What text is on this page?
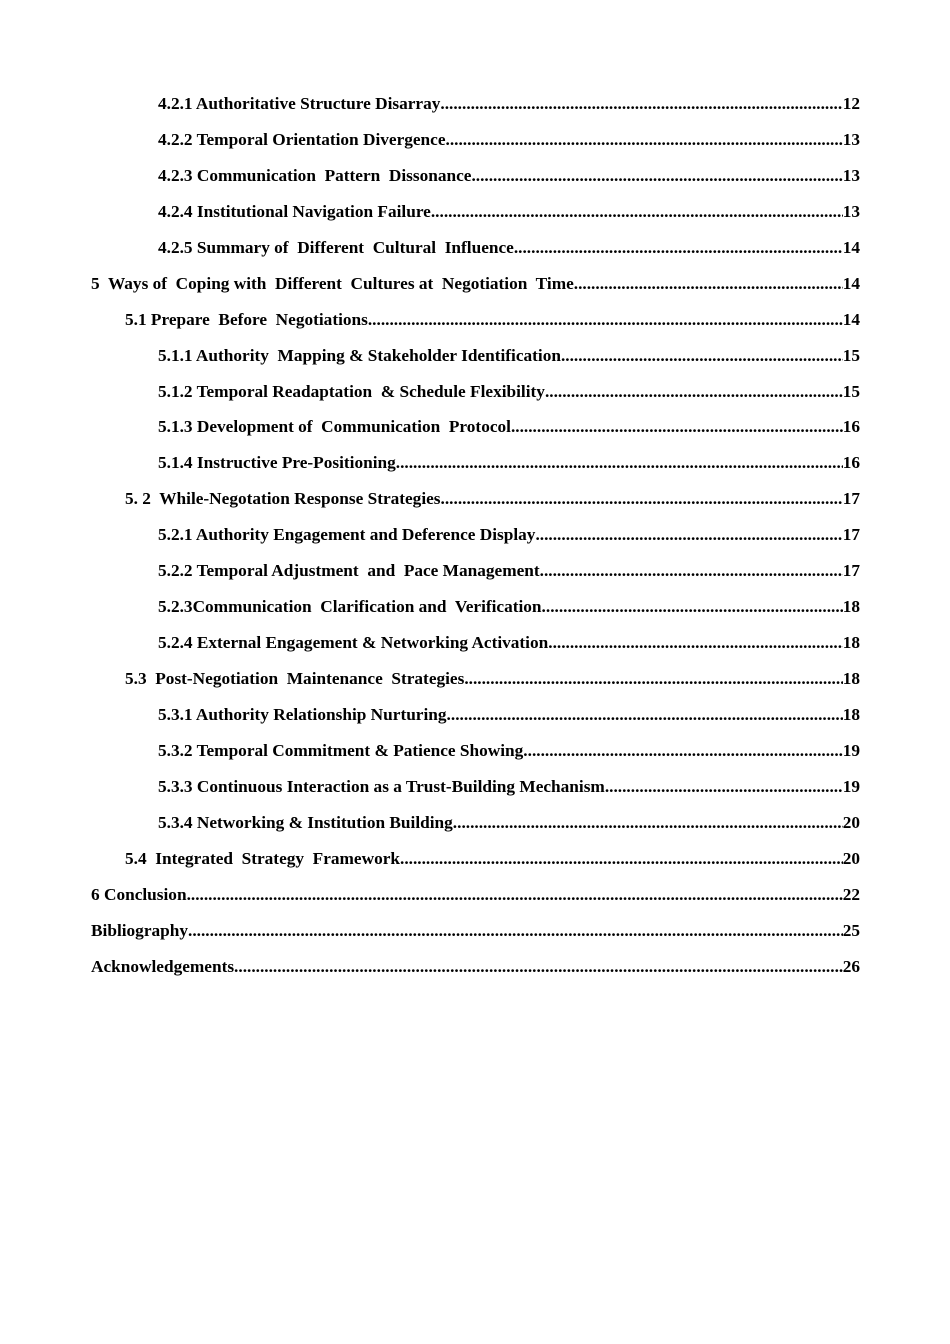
4.2.1 Authoritative Structure Disarray .....	12
4.2.2 Temporal Orientation Divergence .....	13
4.2.3 Communication  Pattern  Dissonance .....	13
4.2.4 Institutional Navigation Failure .....	13
4.2.5 Summary of  Different  Cultural  Influence .....	14
5  Ways of  Coping with  Different  Cultures at  Negotiation  Time .....	14
5.1 Prepare  Before  Negotiations .....	14
5.1.1 Authority  Mapping & Stakeholder Identification .....	15
5.1.2 Temporal Readaptation  & Schedule Flexibility .....	15
5.1.3 Development of  Communication  Protocol .....	16
5.1.4 Instructive Pre-Positioning .....	16
5. 2  While-Negotation Response Strategies .....	17
5.2.1 Authority Engagement and Deference Display .....	17
5.2.2 Temporal Adjustment  and  Pace Management .....	17
5.2.3Communication  Clarification and  Verification .....	18
5.2.4 External Engagement & Networking Activation .....	18
5.3  Post-Negotiation  Maintenance  Strategies .....	18
5.3.1 Authority Relationship Nurturing .....	18
5.3.2 Temporal Commitment & Patience Showing .....	19
5.3.3 Continuous Interaction as a Trust-Building Mechanism .....	19
5.3.4 Networking & Institution Building .....	20
5.4  Integrated  Strategy  Framework .....	20
6 Conclusion .....	22
Bibliography .....	25
Acknowledgements .....	26
